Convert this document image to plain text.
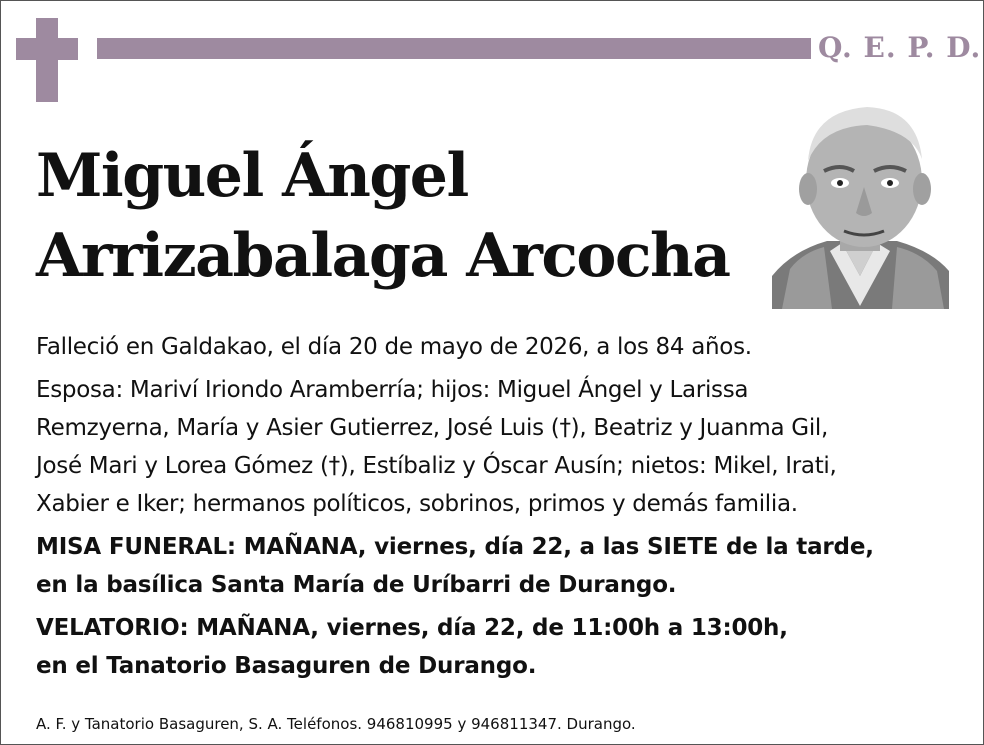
Q. E. P. D.
Miguel Ángel
Arrizabalaga Arcocha

Falleció en Galdakao, el día 20 de mayo de 2026, a los 84 años.

Esposa: Mariví Iriondo Aramberría; hijos: Miguel Ángel y Larissa

Remzyerna, María y Asier Gutierrez, José Luis (†), Beatriz y Juanma Gil,

José Mari y Lorea Gómez (†), Estíbaliz y Óscar Ausín; nietos: Mikel, Irati,

Xabier e Iker; hermanos políticos, sobrinos, primos y demás familia.

MISA FUNERAL: MAÑANA, viernes, día 22, a las SIETE de la tarde,

en la basílica Santa María de Uríbarri de Durango.

VELATORIO: MAÑANA, viernes, día 22, de 11:00h a 13:00h,

en el Tanatorio Basaguren de Durango.

A. F. y Tanatorio Basaguren, S. A. Teléfonos. 946810995 y 946811347. Durango.
